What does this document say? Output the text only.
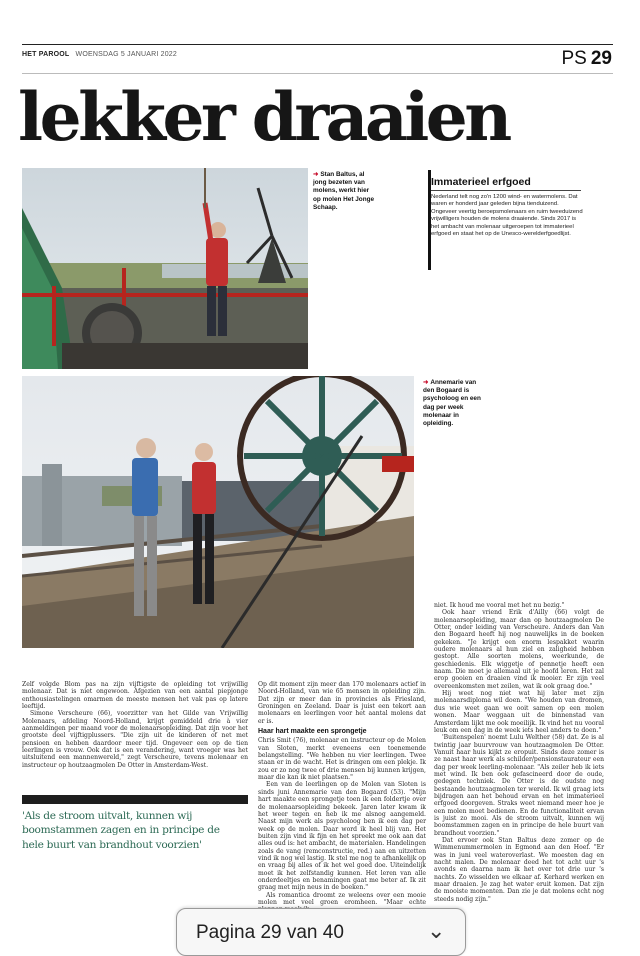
HET PAROOL WOENSDAG 5 JANUARI 2022	PS 29
lekker draaien
➜ Stan Baltus, al jong bezeten van molens, werkt hier op molen Het Jonge Schaap.
Immaterieel erfgoed
Nederland telt nog zo'n 1200 wind- en watermolens. Dat waren er honderd jaar geleden bijna tienduizend. Ongeveer veertig beroepsmolenaars en ruim tweeduizend vrijwilligers houden de molens draaiende. Sinds 2017 is het ambacht van molenaar uitgeroepen tot immaterieel erfgoed en staat het op de Unesco-werelderfgoedlijst.
➜ Annemarie van den Bogaard is psycholoog en een dag per week molenaar in opleiding.

Zelf volgde Blom pas na zijn vijftigste de opleiding tot vrijwillig molenaar. Dat is niet ongewoon. Afgezien van een aantal piepjonge enthousiastelingen omarmen de meeste mensen het vak pas op latere leeftijd.

Simone Verscheure (66), voorzitter van het Gilde van Vrijwillig Molenaars, afdeling Noord-Holland, krijgt gemiddeld drie à vier aanmeldingen per maand voor de molenaarsopleiding. Dat zijn voor het grootste deel vijftigplussers. "Die zijn uit de kinderen of net met pensioen en hebben daardoor meer tijd. Ongeveer een op de tien leerlingen is vrouw. Ook dat is een verandering, want vroeger was het uitsluitend een mannenwereld," zegt Verscheure, tevens molenaar en instructeur op houtzaagmolen De Otter in Amsterdam-West.

'Als de stroom uitvalt, kunnen wij boomstammen zagen en in principe de hele buurt van brandhout voorzien'

Op dit moment zijn meer dan 170 molenaars actief in Noord-Holland, van wie 65 mensen in opleiding zijn. Dat zijn er meer dan in provincies als Friesland, Groningen en Zeeland. Daar is juist een tekort aan molenaars en leerlingen voor het aantal molens dat er is.

Haar hart maakte een sprongetje

Chris Smit (76), molenaar en instructeur op de Molen van Sloten, merkt eveneens een toenemende belangstelling. "We hebben nu vier leerlingen. Twee staan er in de wacht. Het is dringen om een plekje. Ik zou er zo nog twee of drie mensen bij kunnen krijgen, maar die kan ik niet plaatsen."

Een van de leerlingen op de Molen van Sloten is sinds juni Annemarie van den Bogaard (53). "Mijn hart maakte een sprongetje toen ik een foldertje over de molenaarsopleiding bekeek. Jaren later kwam ik het weer tegen en heb ik me alsnog aangemeld. Naast mijn werk als psycholoog ben ik een dag per week op de molen. Daar word ik heel blij van. Het buiten zijn vind ik fijn en het spreekt me ook aan dat alles oud is: het ambacht, de materialen. Handelingen zoals de vang (remconstructie, red.) aan en uitzetten vind ik nog wel lastig. Ik stel me nog te afhankelijk op en vraag bij alles of ik het wel goed doe. Uiteindelijk moet ik het zelfstandig kunnen. Het leren van alle onderdeeltjes en benamingen gaat me beter af. Ik zit graag met mijn neus in de boeken."

Als romantica droomt ze weleens over een mooie molen met veel groen eromheen. "Maar echte

niet. Ik houd me vooral met het nu bezig."

Ook haar vriend Erik d'Ailly (66) volgt de molenaarsopleiding, maar dan op houtzaagmolen De Otter, onder leiding van Verscheure. Anders dan Van den Bogaard heeft hij nog nauwelijks in de boeken gekeken. "Je krijgt een enorm lespakket waarin oudere molenaars al hun ziel en zaligheid hebben gestopt. Alle soorten molens, weerkunde, de geschiedenis. Elk wiggetje of pennetje heeft een naam. Die moet je allemaal uit je hoofd leren. Het zal erop gooien en draaien vind ik mooier. Er zijn veel overeenkomsten met zeilen, wat ik ook graag doe."

Hij weet nog niet wat hij later met zijn molenaarsdiploma wil doen. "We houden van dromen, dus wie weet gaan we ooit samen op een molen wonen. Maar weggaan uit de binnenstad van Amsterdam lijkt me ook moeilijk. Ik vind het nu vooral leuk om een dag in de week iets heel anders te doen."

'Buitenspelen' noemt Lulu Welther (58) dat. Ze is al twintig jaar buurvrouw van houtzaagmolen De Otter. Vanuit haar huis kijkt ze eropuit. Sinds deze zomer is ze naast haar werk als schilder/pensionstaurateur een dag per week leerling-molenaar. "Als zeiler heb ik iets met wind. Ik ben ook gefascineerd door de oude, gedegen techniek. De Otter is de oudste nog bestaande houtzaagmolen ter wereld. Ik wil graag iets bijdragen aan het behoud ervan en het immaterieel erfgoed doorgeven. Straks weet niemand meer hoe je een molen moet bedienen. En de functionaliteit ervan is juist zo mooi. Als de stroom uitvalt, kunnen wij boomstammen zagen en in principe de hele buurt van brandhout voorzien."

Dat ervoer ook Stan Baltus deze zomer op de Wimmenummermolen in Egmond aan den Hoef. "Er was in juni veel wateroverlast. We moesten dag en nacht malen. De molenaar deed het tot acht uur 's avonds en daarna nam ik het over tot drie uur 's nachts. Zo wisselden we elkaar af. Kerhard werken en maar draaien. Je zag het water eruit komen. Dat zijn de mooiste momenten. Dan zie je dat molens echt nog steeds nodig zijn."

Pagina 29 van 40	⌄
